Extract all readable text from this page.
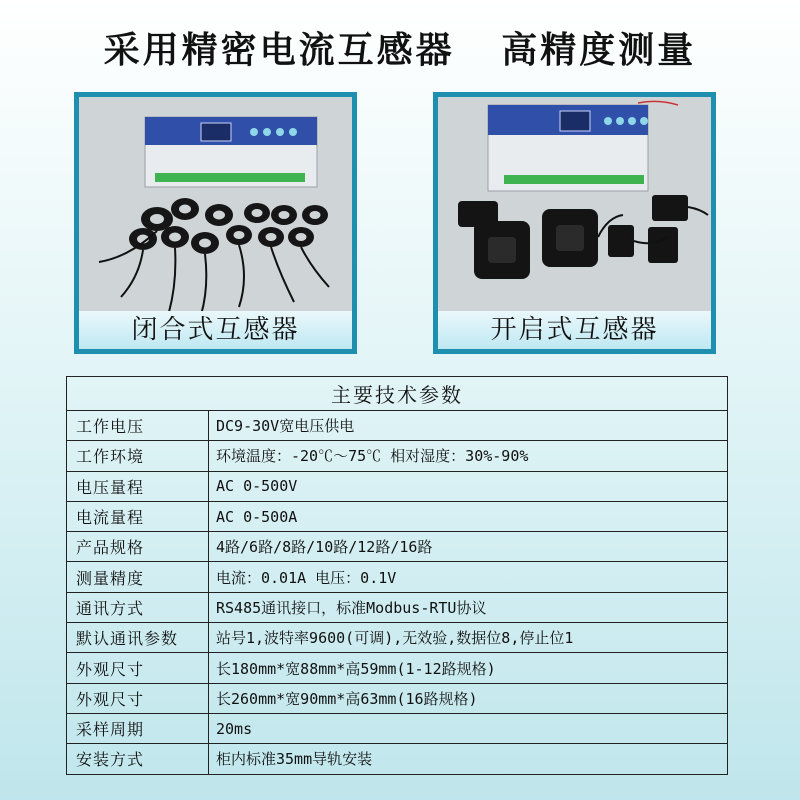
采用精密电流互感器 高精度测量
闭合式互感器	开启式互感器
主要技术参数	
工作电压	DC9-30V宽电压供电
工作环境	环境温度：-20℃～75℃ 相对湿度：30%-90%
电压量程	AC 0-500V
电流量程	AC 0-500A
产品规格	4路/6路/8路/10路/12路/16路
测量精度	电流：0.01A 电压：0.1V
通讯方式	RS485通讯接口，标准Modbus-RTU协议
默认通讯参数	站号1,波特率9600(可调),无效验,数据位8,停止位1
外观尺寸	长180mm*宽88mm*高59mm(1-12路规格)
外观尺寸	长260mm*宽90mm*高63mm(16路规格)
采样周期	20ms
安装方式	柜内标准35mm导轨安装
